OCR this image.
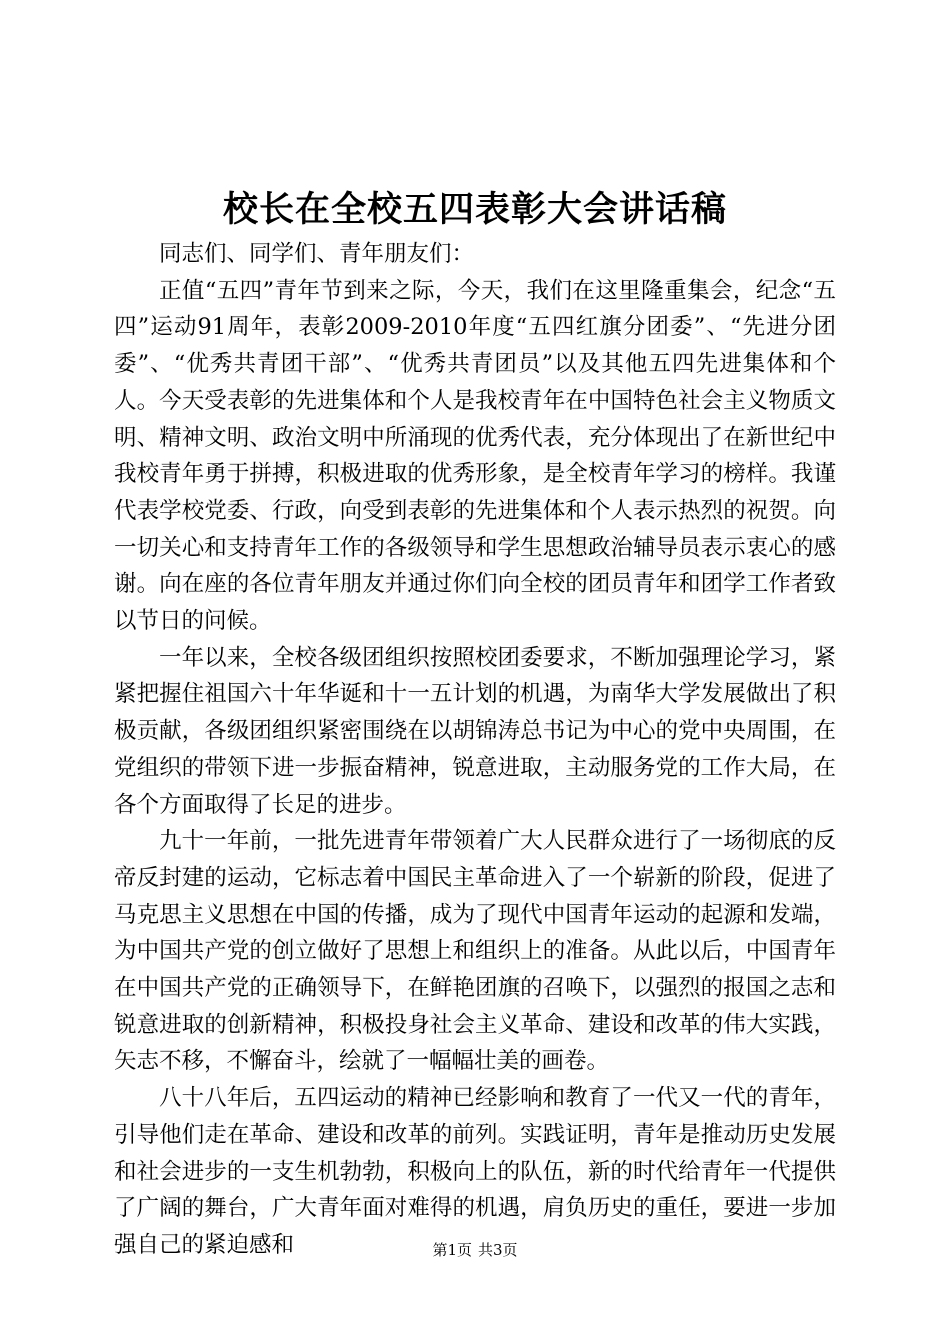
校长在全校五四表彰大会讲话稿

同志们、同学们、青年朋友们：

正值“五四”青年节到来之际，今天，我们在这里隆重集会，纪念“五四”运动91周年，表彰2009-2010年度“五四红旗分团委”、“先进分团委”、“优秀共青团干部”、“优秀共青团员”以及其他五四先进集体和个人。今天受表彰的先进集体和个人是我校青年在中国特色社会主义物质文明、精神文明、政治文明中所涌现的优秀代表，充分体现出了在新世纪中我校青年勇于拼搏，积极进取的优秀形象，是全校青年学习的榜样。我谨代表学校党委、行政，向受到表彰的先进集体和个人表示热烈的祝贺。向一切关心和支持青年工作的各级领导和学生思想政治辅导员表示衷心的感谢。向在座的各位青年朋友并通过你们向全校的团员青年和团学工作者致以节日的问候。

一年以来，全校各级团组织按照校团委要求，不断加强理论学习，紧紧把握住祖国六十年华诞和十一五计划的机遇，为南华大学发展做出了积极贡献，各级团组织紧密围绕在以胡锦涛总书记为中心的党中央周围，在党组织的带领下进一步振奋精神，锐意进取，主动服务党的工作大局，在各个方面取得了长足的进步。

九十一年前，一批先进青年带领着广大人民群众进行了一场彻底的反帝反封建的运动，它标志着中国民主革命进入了一个崭新的阶段，促进了马克思主义思想在中国的传播，成为了现代中国青年运动的起源和发端，为中国共产党的创立做好了思想上和组织上的准备。从此以后，中国青年在中国共产党的正确领导下，在鲜艳团旗的召唤下，以强烈的报国之志和锐意进取的创新精神，积极投身社会主义革命、建设和改革的伟大实践，矢志不移，不懈奋斗，绘就了一幅幅壮美的画卷。

八十八年后，五四运动的精神已经影响和教育了一代又一代的青年，引导他们走在革命、建设和改革的前列。实践证明，青年是推动历史发展和社会进步的一支生机勃勃，积极向上的队伍，新的时代给青年一代提供了广阔的舞台，广大青年面对难得的机遇，肩负历史的重任，要进一步加强自己的紧迫感和	第1页 共3页
